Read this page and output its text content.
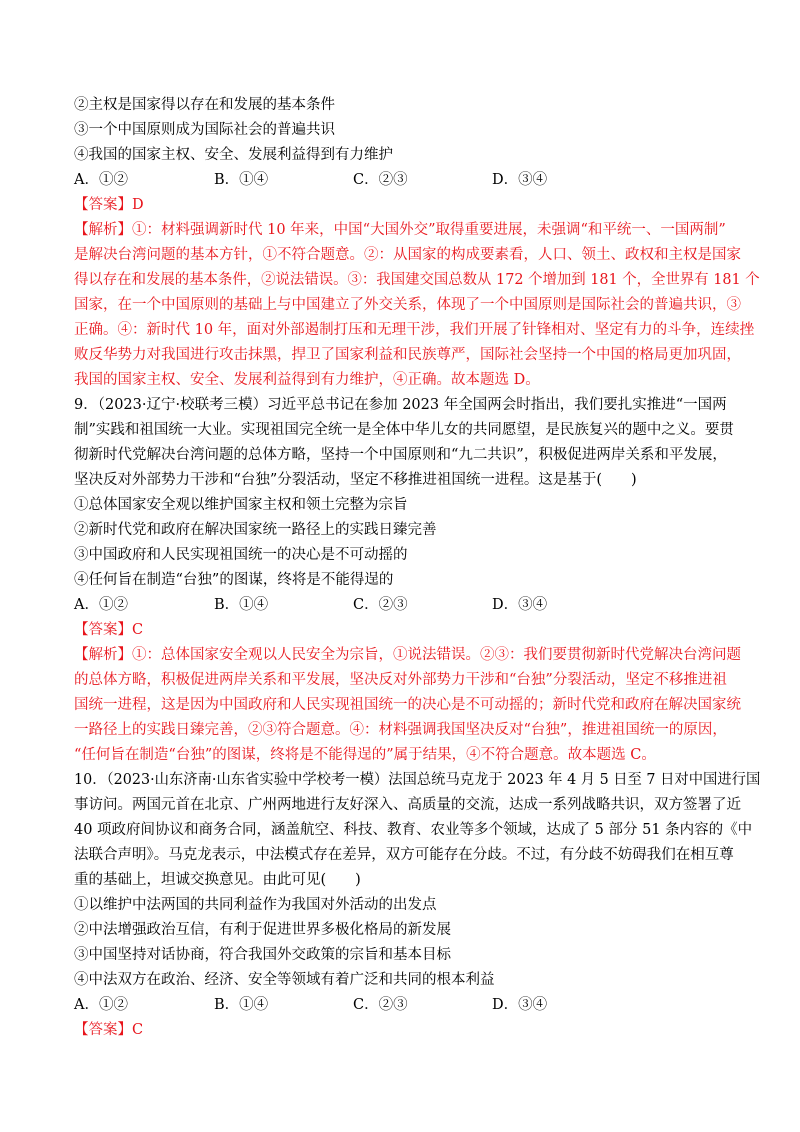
②主权是国家得以存在和发展的基本条件
③一个中国原则成为国际社会的普遍共识
④我国的国家主权、安全、发展利益得到有力维护
A．①②	B．①④	C．②③	D．③④
【答案】D
【解析】①：材料强调新时代 10 年来，中国“大国外交”取得重要进展，未强调“和平统一、一国两制”
是解决台湾问题的基本方针，①不符合题意。②：从国家的构成要素看，人口、领土、政权和主权是国家
得以存在和发展的基本条件，②说法错误。③：我国建交国总数从 172 个增加到 181 个，全世界有 181 个
国家，在一个中国原则的基础上与中国建立了外交关系，体现了一个中国原则是国际社会的普遍共识，③
正确。④：新时代 10 年，面对外部遏制打压和无理干涉，我们开展了针锋相对、坚定有力的斗争，连续挫
败反华势力对我国进行攻击抹黑，捍卫了国家利益和民族尊严，国际社会坚持一个中国的格局更加巩固，
我国的国家主权、安全、发展利益得到有力维护，④正确。故本题选 D。
9．（2023·辽宁·校联考三模）习近平总书记在参加 2023 年全国两会时指出，我们要扎实推进“一国两
制”实践和祖国统一大业。实现祖国完全统一是全体中华儿女的共同愿望，是民族复兴的题中之义。要贯
彻新时代党解决台湾问题的总体方略，坚持一个中国原则和“九二共识”，积极促进两岸关系和平发展，
坚决反对外部势力干涉和“台独”分裂活动，坚定不移推进祖国统一进程。这是基于(　　)
①总体国家安全观以维护国家主权和领土完整为宗旨
②新时代党和政府在解决国家统一路径上的实践日臻完善
③中国政府和人民实现祖国统一的决心是不可动摇的
④任何旨在制造“台独”的图谋，终将是不能得逞的
A．①②	B．①④	C．②③	D．③④
【答案】C
【解析】①：总体国家安全观以人民安全为宗旨，①说法错误。②③：我们要贯彻新时代党解决台湾问题
的总体方略，积极促进两岸关系和平发展，坚决反对外部势力干涉和“台独”分裂活动，坚定不移推进祖
国统一进程，这是因为中国政府和人民实现祖国统一的决心是不可动摇的；新时代党和政府在解决国家统
一路径上的实践日臻完善，②③符合题意。④：材料强调我国坚决反对“台独”，推进祖国统一的原因，
“任何旨在制造“台独”的图谋，终将是不能得逞的”属于结果，④不符合题意。故本题选 C。
10．（2023·山东济南·山东省实验中学校考一模）法国总统马克龙于 2023 年 4 月 5 日至 7 日对中国进行国
事访问。两国元首在北京、广州两地进行友好深入、高质量的交流，达成一系列战略共识，双方签署了近
40 项政府间协议和商务合同，涵盖航空、科技、教育、农业等多个领域，达成了 5 部分 51 条内容的《中
法联合声明》。马克龙表示，中法模式存在差异，双方可能存在分歧。不过，有分歧不妨碍我们在相互尊
重的基础上，坦诚交换意见。由此可见(　　)
①以维护中法两国的共同利益作为我国对外活动的出发点
②中法增强政治互信，有利于促进世界多极化格局的新发展
③中国坚持对话协商，符合我国外交政策的宗旨和基本目标
④中法双方在政治、经济、安全等领域有着广泛和共同的根本利益
A．①②	B．①④	C．②③	D．③④
【答案】C
